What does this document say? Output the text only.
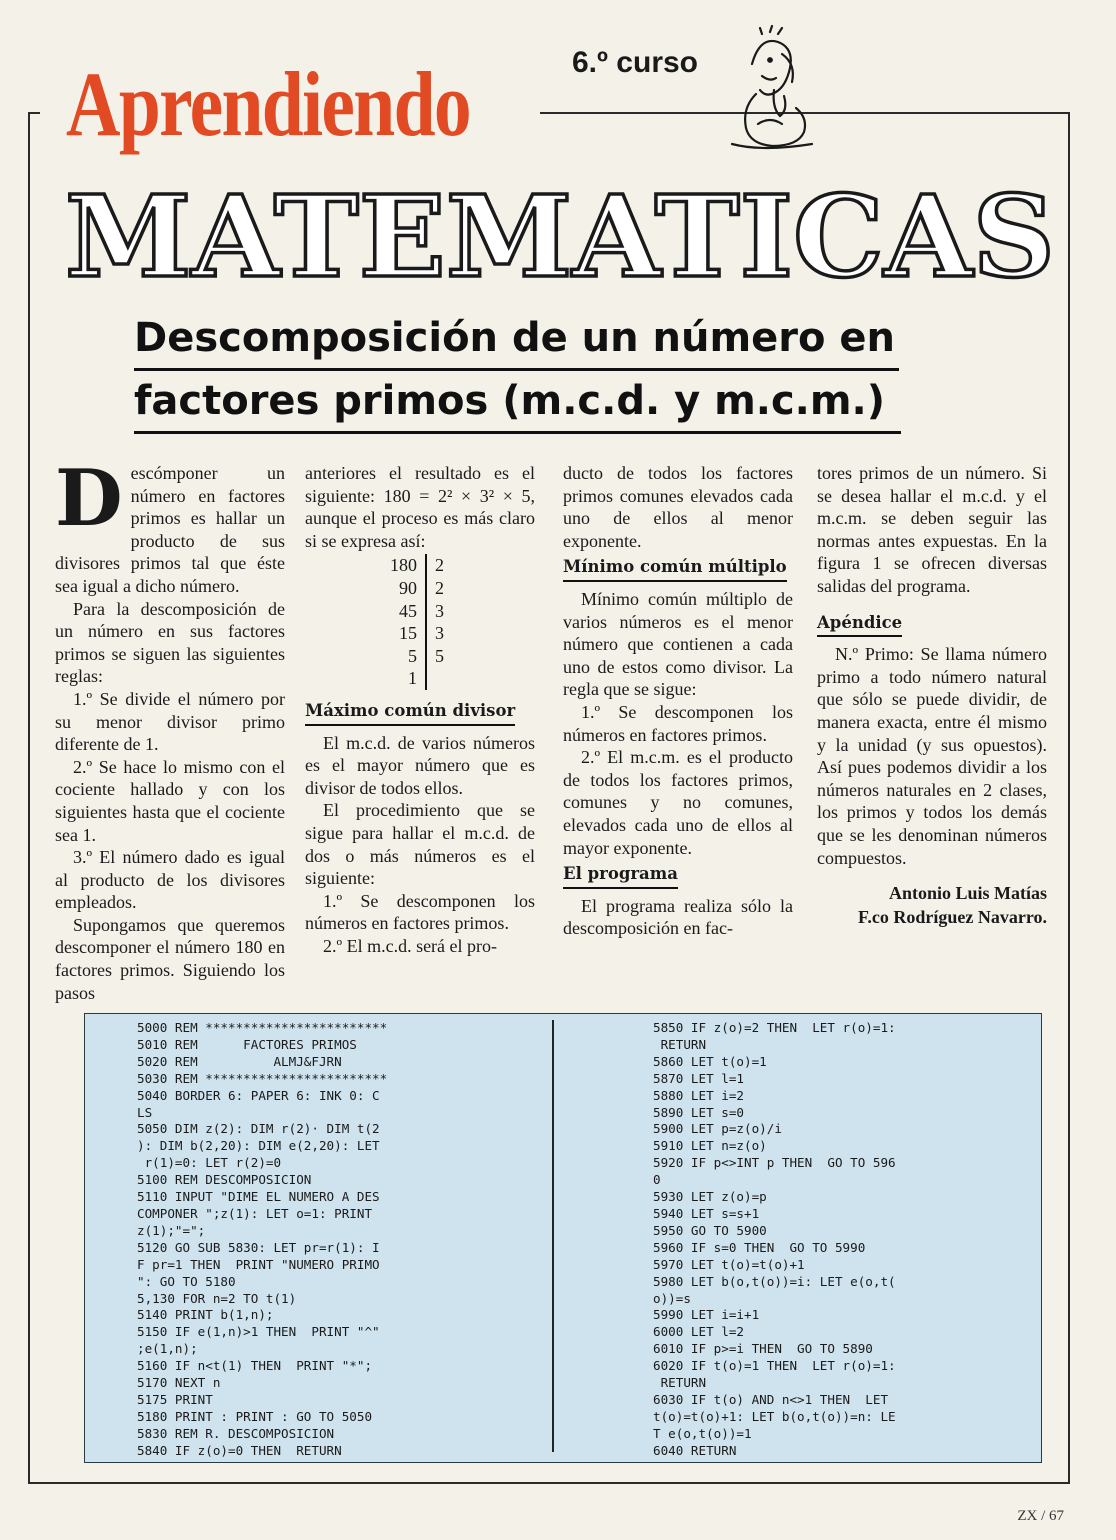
Aprendiendo	6.º curso
MATEMATICAS
Descomposición de un número en
factores primos (m.c.d. y m.c.m.)
D escómponer un número en factores primos es hallar un producto de sus divisores primos tal que éste sea igual a dicho número.

Para la descomposición de un número en sus factores primos se siguen las siguientes reglas:

1.º Se divide el número por su menor divisor primo diferente de 1.

2.º Se hace lo mismo con el cociente hallado y con los siguientes hasta que el cociente sea 1.

3.º El número dado es igual al producto de los divisores empleados.

Supongamos que queremos descomponer el número 180 en factores primos. Siguiendo los pasos

anteriores el resultado es el siguiente: 180 = 2² × 3² × 5, aunque el proceso es más claro si se expresa así:

180	2
90	2
45	3
15	3
5	5
1	
Máximo común divisor

El m.c.d. de varios números es el mayor número que es divisor de todos ellos.

El procedimiento que se sigue para hallar el m.c.d. de dos o más números es el siguiente:

1.º Se descomponen los números en factores primos.

2.º El m.c.d. será el pro-

ducto de todos los factores primos comunes elevados cada uno de ellos al menor exponente.

Mínimo común múltiplo

Mínimo común múltiplo de varios números es el menor número que contienen a cada uno de estos como divisor. La regla que se sigue:

1.º Se descomponen los números en factores primos.

2.º El m.c.m. es el producto de todos los factores primos, comunes y no comunes, elevados cada uno de ellos al mayor exponente.

El programa

El programa realiza sólo la descomposición en fac-

tores primos de un número. Si se desea hallar el m.c.d. y el m.c.m. se deben seguir las normas antes expuestas. En la figura 1 se ofrecen diversas salidas del programa.

Apéndice

N.º Primo: Se llama número primo a todo número natural que sólo se puede dividir, de manera exacta, entre él mismo y la unidad (y sus opuestos). Así pues podemos dividir a los números naturales en 2 clases, los primos y todos los demás que se les denominan números compuestos.

Antonio Luis Matías
F.co Rodríguez Navarro.
5000 REM ************************
5010 REM      FACTORES PRIMOS
5020 REM          ALMJ&FJRN
5030 REM ************************
5040 BORDER 6: PAPER 6: INK 0: C
LS
5050 DIM z(2): DIM r(2)· DIM t(2
): DIM b(2,20): DIM e(2,20): LET
r(1)=0: LET r(2)=0
5100 REM DESCOMPOSICION
5110 INPUT "DIME EL NUMERO A DES
COMPONER ";z(1): LET o=1: PRINT
z(1);"=";
5120 GO SUB 5830: LET pr=r(1): I
F pr=1 THEN  PRINT "NUMERO PRIMO
": GO TO 5180
5,130 FOR n=2 TO t(1)
5140 PRINT b(1,n);
5150 IF e(1,n)>1 THEN  PRINT "^"
;e(1,n);
5160 IF n<t(1) THEN  PRINT "*";
5170 NEXT n
5175 PRINT
5180 PRINT : PRINT : GO TO 5050
5830 REM R. DESCOMPOSICION
5840 IF z(o)=0 THEN  RETURN
5850 IF z(o)=2 THEN  LET r(o)=1:
RETURN
5860 LET t(o)=1
5870 LET l=1
5880 LET i=2
5890 LET s=0
5900 LET p=z(o)/i
5910 LET n=z(o)
5920 IF p<>INT p THEN  GO TO 596
0
5930 LET z(o)=p
5940 LET s=s+1
5950 GO TO 5900
5960 IF s=0 THEN  GO TO 5990
5970 LET t(o)=t(o)+1
5980 LET b(o,t(o))=i: LET e(o,t(
o))=s
5990 LET i=i+1
6000 LET l=2
6010 IF p>=i THEN  GO TO 5890
6020 IF t(o)=1 THEN  LET r(o)=1:
RETURN
6030 IF t(o) AND n<>1 THEN  LET
t(o)=t(o)+1: LET b(o,t(o))=n: LE
T e(o,t(o))=1
6040 RETURN
ZX / 67
